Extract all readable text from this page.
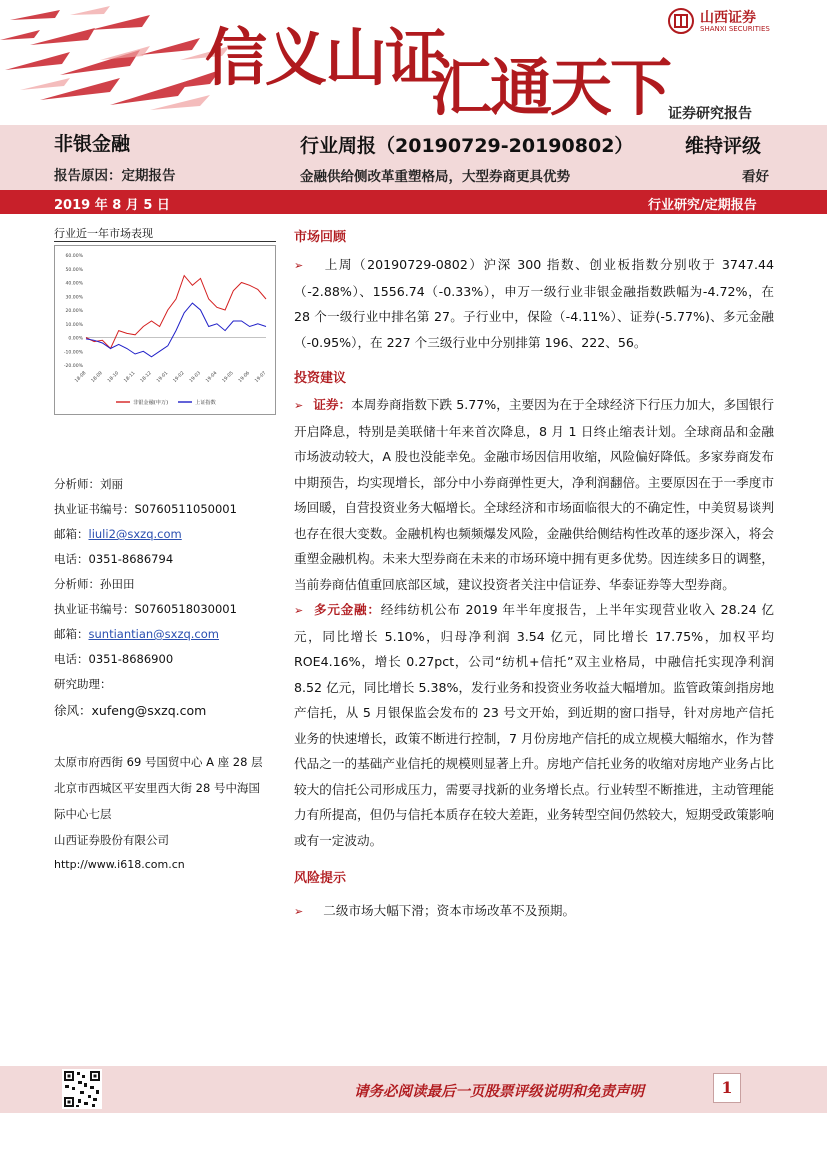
信义山证
汇通天下
山西证券
SHANXI SECURITIES
证券研究报告
非银金融	行业周报（20190729-20190802）	维持评级
报告原因：定期报告	金融供给侧改革重塑格局，大型券商更具优势	看好
2019 年 8 月 5 日	行业研究/定期报告
行业近一年市场表现
60.00%
50.00%
40.00%
30.00%
20.00%
10.00%
0.00%
-10.00%
-20.00%
18-08 18-09 18-10 18-11 18-12 19-01 19-02 19-03 19-04 19-05 19-06 19-07
非银金融(申万)	上证指数
分析师：刘丽
执业证书编号：S0760511050001
邮箱：liuli2@sxzq.com
电话：0351-8686794
分析师：孙田田
执业证书编号：S0760518030001
邮箱：suntiantian@sxzq.com
电话：0351-8686900
研究助理：
徐风：xufeng@sxzq.com
太原市府西街 69 号国贸中心 A 座 28 层
北京市西城区平安里西大街 28 号中海国
际中心七层
山西证券股份有限公司
http://www.i618.com.cn
市场回顾
➢ 上周（20190729-0802）沪深 300 指数、创业板指数分别收于 3747.44（-2.88%）、1556.74（-0.33%），申万一级行业非银金融指数跌幅为-4.72%，在 28 个一级行业中排名第 27。子行业中，保险（-4.11%）、证券(-5.77%)、多元金融（-0.95%），在 227 个三级行业中分别排第 196、222、56。
投资建议
➢ 证券：本周券商指数下跌 5.77%，主要因为在于全球经济下行压力加大，多国银行开启降息，特别是美联储十年来首次降息，8 月 1 日终止缩表计划。全球商品和金融市场波动较大，A 股也没能幸免。金融市场因信用收缩，风险偏好降低。多家券商发布中期预告，均实现增长，部分中小券商弹性更大，净利润翻倍。主要原因在于一季度市场回暖，自营投资业务大幅增长。全球经济和市场面临很大的不确定性，中美贸易谈判也存在很大变数。金融机构也频频爆发风险，金融供给侧结构性改革的逐步深入，将会重塑金融机构。未来大型券商在未来的市场环境中拥有更多优势。因连续多日的调整，当前券商估值重回底部区域，建议投资者关注中信证券、华泰证券等大型券商。
➢ 多元金融：经纬纺机公布 2019 年半年度报告，上半年实现营业收入 28.24 亿元，同比增长 5.10%，归母净利润 3.54 亿元，同比增长 17.75%，加权平均 ROE4.16%，增长 0.27pct，公司“纺机+信托”双主业格局，中融信托实现净利润 8.52 亿元，同比增长 5.38%，发行业务和投资业务收益大幅增加。监管政策剑指房地产信托，从 5 月银保监会发布的 23 号文开始，到近期的窗口指导，针对房地产信托业务的快速增长，政策不断进行控制，7 月份房地产信托的成立规模大幅缩水，作为替代品之一的基础产业信托的规模则显著上升。房地产信托业务的收缩对房地产业务占比较大的信托公司形成压力，需要寻找新的业务增长点。行业转型不断推进，主动管理能力有所提高，但仍与信托本质存在较大差距，业务转型空间仍然较大，短期受政策影响或有一定波动。
风险提示
➢ 二级市场大幅下滑；资本市场改革不及预期。
请务必阅读最后一页股票评级说明和免责声明	1
